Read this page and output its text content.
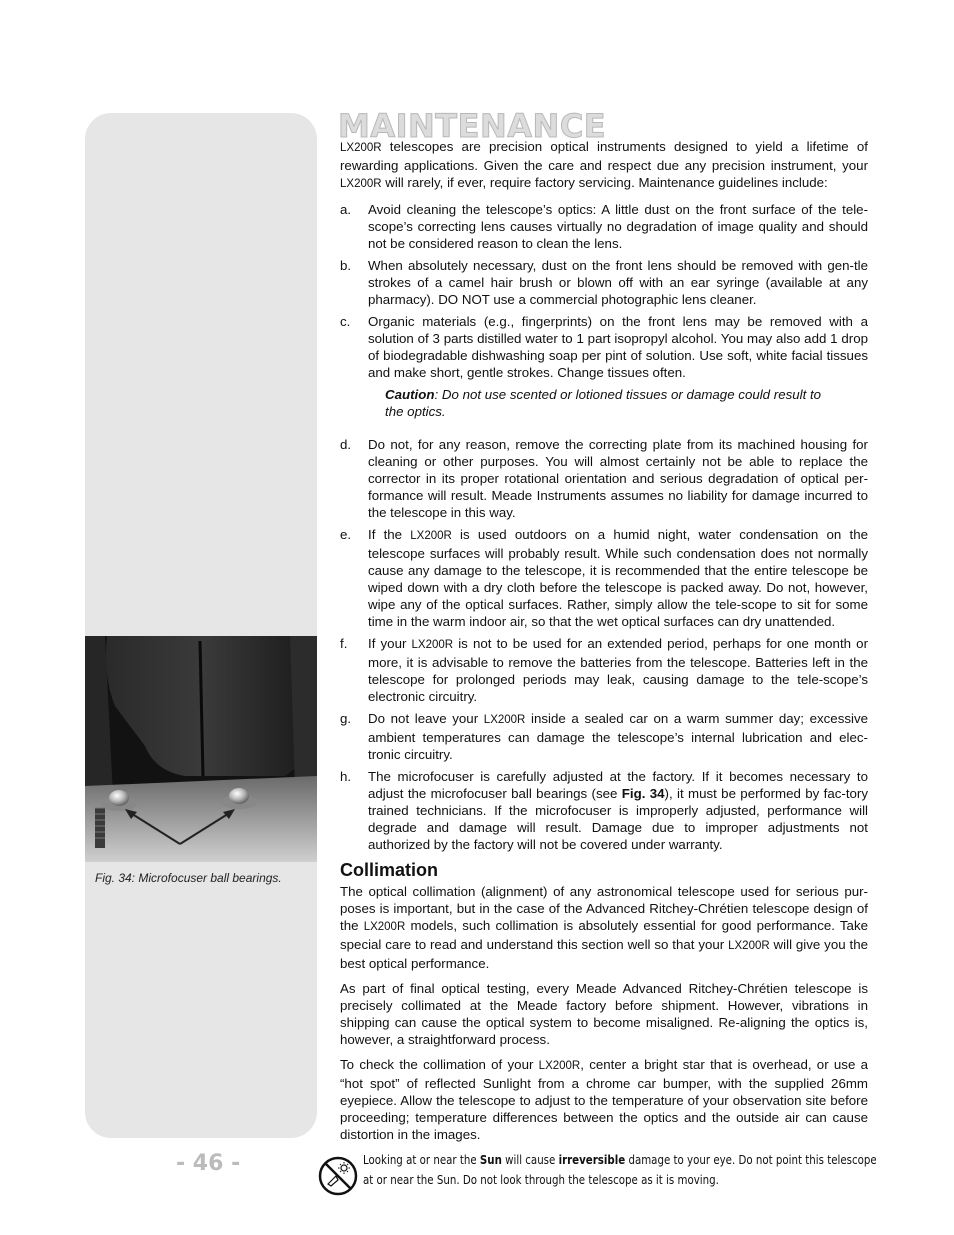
Fig. 34: Microfocuser ball bearings.
MAINTENANCE

LX200R telescopes are precision optical instruments designed to yield a lifetime of rewarding applications. Given the care and respect due any precision instrument, your LX200R will rarely, if ever, require factory servicing. Maintenance guidelines include:

a. Avoid cleaning the telescope’s optics: A little dust on the front surface of the tele-scope’s correcting lens causes virtually no degradation of image quality and should not be considered reason to clean the lens.
b. When absolutely necessary, dust on the front lens should be removed with gen-tle strokes of a camel hair brush or blown off with an ear syringe (available at any pharmacy). DO NOT use a commercial photographic lens cleaner.
c. Organic materials (e.g., fingerprints) on the front lens may be removed with a solution of 3 parts distilled water to 1 part isopropyl alcohol. You may also add 1 drop of biodegradable dishwashing soap per pint of solution. Use soft, white facial tissues and make short, gentle strokes. Change tissues often.
Caution: Do not use scented or lotioned tissues or damage could result to the optics.
d. Do not, for any reason, remove the correcting plate from its machined housing for cleaning or other purposes. You will almost certainly not be able to replace the corrector in its proper rotational orientation and serious degradation of optical per-formance will result. Meade Instruments assumes no liability for damage incurred to the telescope in this way.
e. If the LX200R is used outdoors on a humid night, water condensation on the telescope surfaces will probably result. While such condensation does not normally cause any damage to the telescope, it is recommended that the entire telescope be wiped down with a dry cloth before the telescope is packed away. Do not, however, wipe any of the optical surfaces. Rather, simply allow the tele-scope to sit for some time in the warm indoor air, so that the wet optical surfaces can dry unattended.
f. If your LX200R is not to be used for an extended period, perhaps for one month or more, it is advisable to remove the batteries from the telescope. Batteries left in the telescope for prolonged periods may leak, causing damage to the tele-scope’s electronic circuitry.
g. Do not leave your LX200R inside a sealed car on a warm summer day; excessive ambient temperatures can damage the telescope’s internal lubrication and elec-tronic circuitry.
h. The microfocuser is carefully adjusted at the factory. If it becomes necessary to adjust the microfocuser ball bearings (see Fig. 34), it must be performed by fac-tory trained technicians. If the microfocuser is improperly adjusted, performance will degrade and damage will result. Damage due to improper adjustments not authorized by the factory will not be covered under warranty.
Collimation

The optical collimation (alignment) of any astronomical telescope used for serious pur-poses is important, but in the case of the Advanced Ritchey-Chrétien telescope design of the LX200R models, such collimation is absolutely essential for good performance. Take special care to read and understand this section well so that your LX200R will give you the best optical performance.

As part of final optical testing, every Meade Advanced Ritchey-Chrétien telescope is precisely collimated at the Meade factory before shipment. However, vibrations in shipping can cause the optical system to become misaligned. Re-aligning the optics is, however, a straightforward process.

To check the collimation of your LX200R, center a bright star that is overhead, or use a “hot spot” of reflected Sunlight from a chrome car bumper, with the supplied 26mm eyepiece. Allow the telescope to adjust to the temperature of your observation site before proceeding; temperature differences between the optics and the outside air can cause distortion in the images.

- 46 -	Looking at or near the Sun will cause irreversible damage to your eye. Do not point this telescope at or near the Sun. Do not look through the telescope as it is moving.
